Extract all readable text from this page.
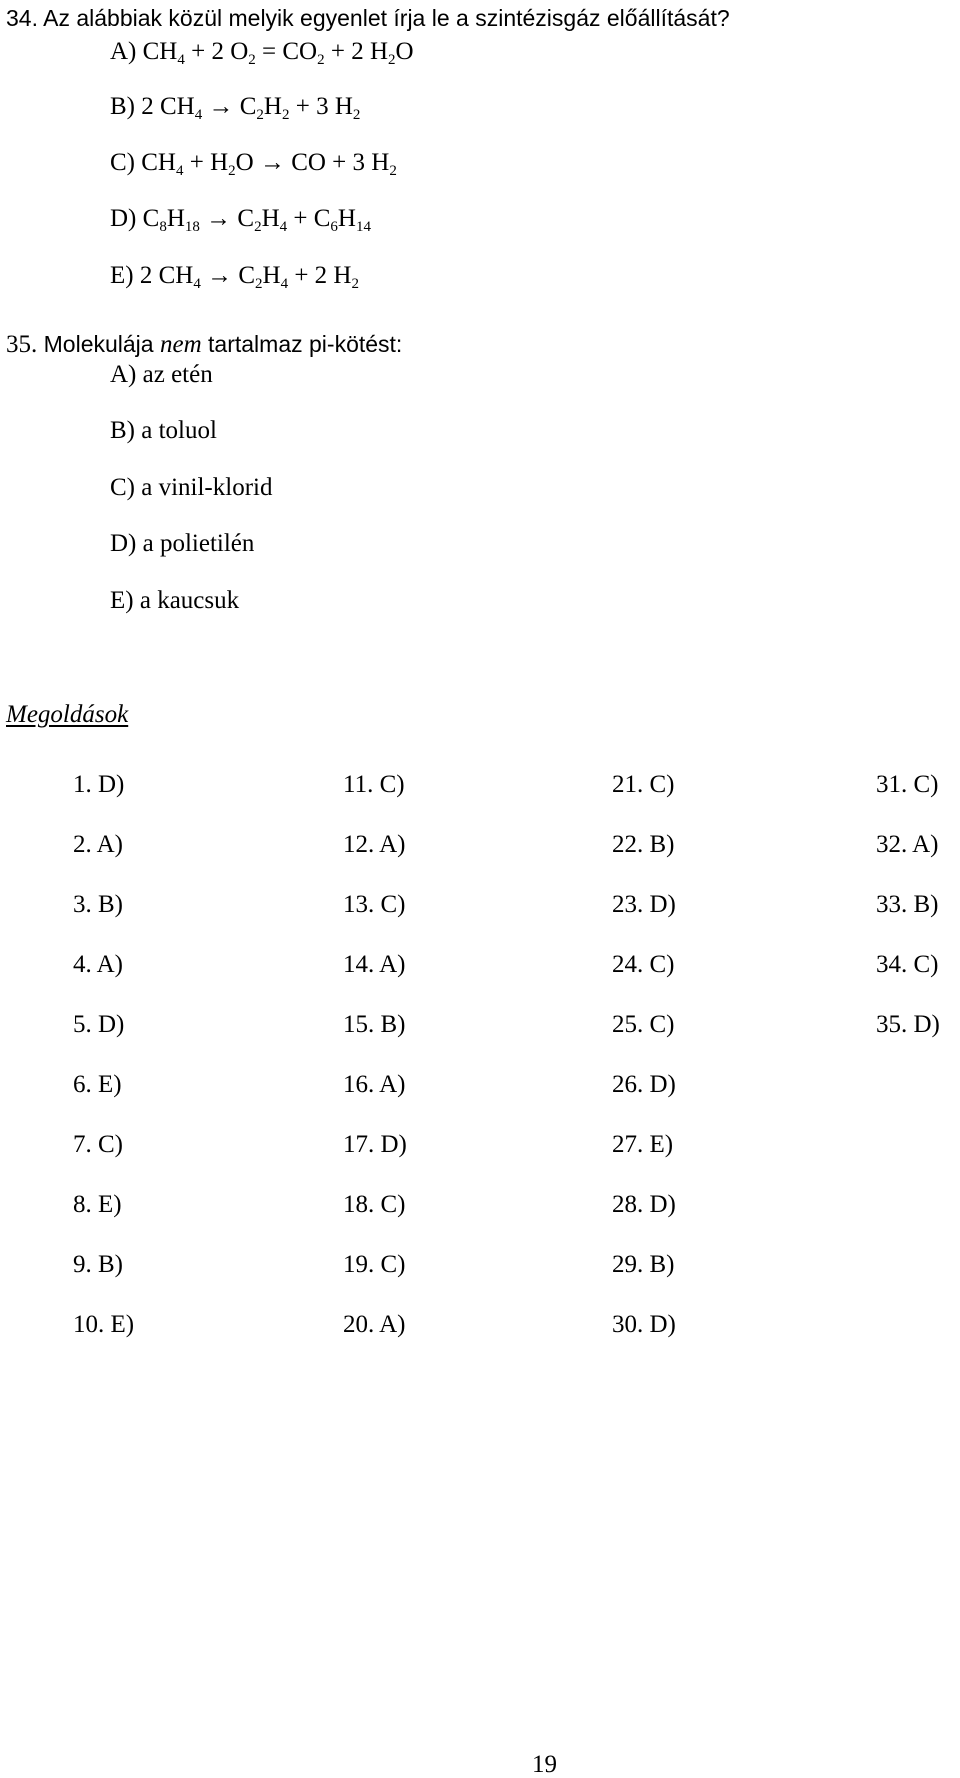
34. Az alábbiak közül melyik egyenlet írja le a szintézisgáz előállítását?
A) $CH_4 + 2$ $O_2 = CO_2 + 2$ $H_2O$
B) 2 $CH_4 \to C_2H_2 + 3$ $H_2$
C) $CH_4 + H_2O$ → CO + 3 $H_2$
D) $C_8H_{18} \to C_2H_4 + C_6H_{14}$
E) 2 $CH_4 \to C_2H_4 + 2$ $H_2$
35. Molekulája nem tartalmaz pi-kötést:
A) az etén
B) a toluol
C) a vinil-klorid
D) a polietilén
E) a kaucsuk
Megoldások
1. D)
2. A)
3. B)
4. A)
5. D)
6. E)
7. C)
8. E)
9. B)
10. E)
11. C)
12. A)
13. C)
14. A)
15. B)
16. A)
17. D)
18. C)
19. C)
20. A)
21. C)
22. B)
23. D)
24. C)
25. C)
26. D)
27. E)
28. D)
29. B)
30. D)
31. C)
32. A)
33. B)
34. C)
35. D)
19
